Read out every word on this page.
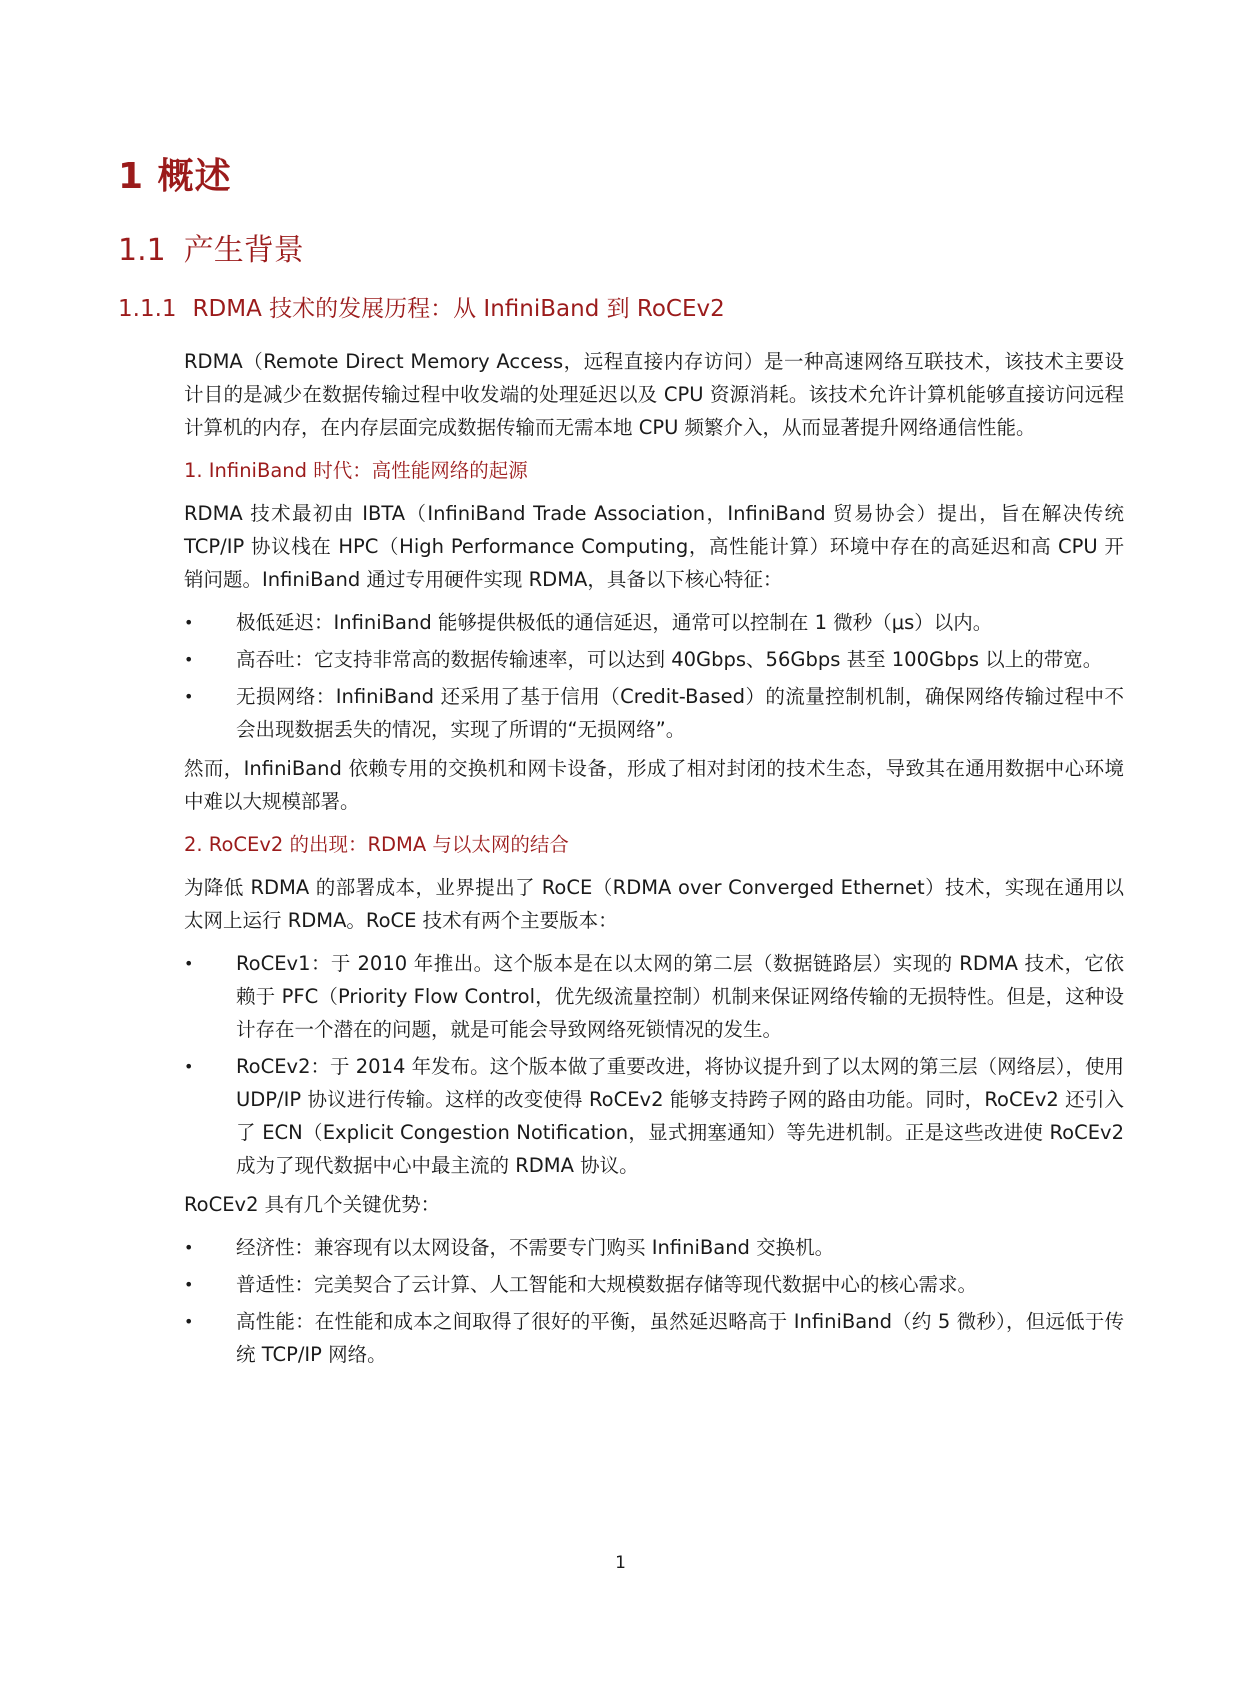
1 概述
1.1 产生背景
1.1.1 RDMA 技术的发展历程：从 InfiniBand 到 RoCEv2

RDMA（Remote Direct Memory Access，远程直接内存访问）是一种高速网络互联技术，该技术主要设计目的是减少在数据传输过程中收发端的处理延迟以及 CPU 资源消耗。该技术允许计算机能够直接访问远程计算机的内存，在内存层面完成数据传输而无需本地 CPU 频繁介入，从而显著提升网络通信性能。

1. InfiniBand 时代：高性能网络的起源

RDMA 技术最初由 IBTA（InfiniBand Trade Association，InfiniBand 贸易协会）提出，旨在解决传统 TCP/IP 协议栈在 HPC（High Performance Computing，高性能计算）环境中存在的高延迟和高 CPU 开销问题。InfiniBand 通过专用硬件实现 RDMA，具备以下核心特征：

• 极低延迟：InfiniBand 能够提供极低的通信延迟，通常可以控制在 1 微秒（μs）以内。
• 高吞吐：它支持非常高的数据传输速率，可以达到 40Gbps、56Gbps 甚至 100Gbps 以上的带宽。
• 无损网络：InfiniBand 还采用了基于信用（Credit-Based）的流量控制机制，确保网络传输过程中不会出现数据丢失的情况，实现了所谓的“无损网络”。

然而，InfiniBand 依赖专用的交换机和网卡设备，形成了相对封闭的技术生态，导致其在通用数据中心环境中难以大规模部署。

2. RoCEv2 的出现：RDMA 与以太网的结合

为降低 RDMA 的部署成本，业界提出了 RoCE（RDMA over Converged Ethernet）技术，实现在通用以太网上运行 RDMA。RoCE 技术有两个主要版本：

• RoCEv1：于 2010 年推出。这个版本是在以太网的第二层（数据链路层）实现的 RDMA 技术，它依赖于 PFC（Priority Flow Control，优先级流量控制）机制来保证网络传输的无损特性。但是，这种设计存在一个潜在的问题，就是可能会导致网络死锁情况的发生。
• RoCEv2：于 2014 年发布。这个版本做了重要改进，将协议提升到了以太网的第三层（网络层），使用 UDP/IP 协议进行传输。这样的改变使得 RoCEv2 能够支持跨子网的路由功能。同时，RoCEv2 还引入了 ECN（Explicit Congestion Notification，显式拥塞通知）等先进机制。正是这些改进使 RoCEv2 成为了现代数据中心中最主流的 RDMA 协议。

RoCEv2 具有几个关键优势：

• 经济性：兼容现有以太网设备，不需要专门购买 InfiniBand 交换机。
• 普适性：完美契合了云计算、人工智能和大规模数据存储等现代数据中心的核心需求。
• 高性能：在性能和成本之间取得了很好的平衡，虽然延迟略高于 InfiniBand（约 5 微秒），但远低于传统 TCP/IP 网络。
1
